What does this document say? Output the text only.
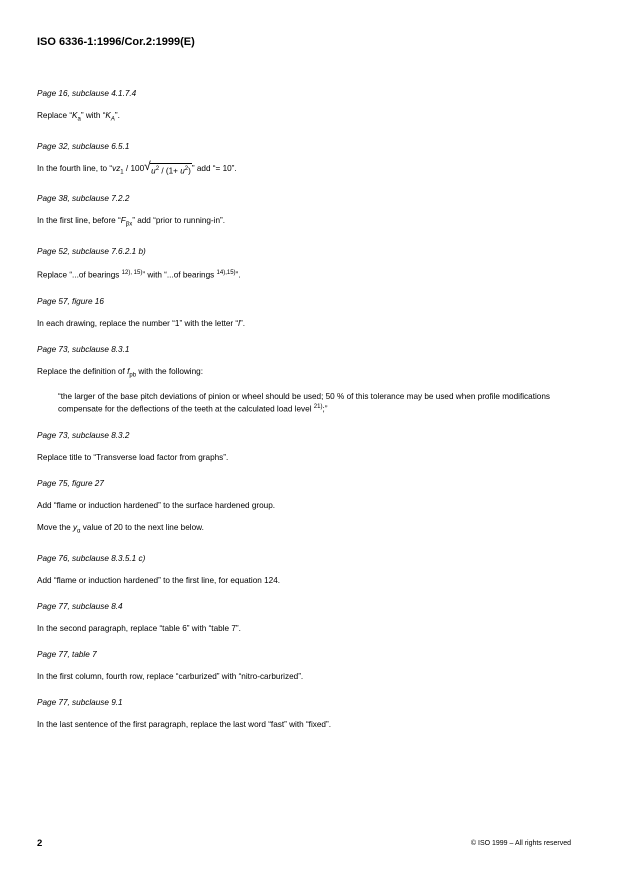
ISO 6336-1:1996/Cor.2:1999(E)

Page 16, subclause 4.1.7.4

Replace “$K_a$” with “$K_A$”.

Page 32, subclause 6.5.1

In the fourth line, to “$vz_1 / 100$ √ $u^2 / (1+ u^2)$” add “= 10”.

Page 38, subclause 7.2.2

In the first line, before “$F_{\beta x}$” add “prior to running-in”.

Page 52, subclause 7.6.2.1 b)

Replace “...of bearings $^{12), 15)}$” with “...of bearings $^{14),15)}$”.

Page 57, figure 16

In each drawing, replace the number “1” with the letter “l”.

Page 73, subclause 8.3.1

Replace the definition of $f_{pb}$ with the following:

“the larger of the base pitch deviations of pinion or wheel should be used; 50 % of this tolerance may be used when profile modifications compensate for the deflections of the teeth at the calculated load level $^{21)}$;”

Page 73, subclause 8.3.2

Replace title to “Transverse load factor from graphs”.

Page 75, figure 27

Add “flame or induction hardened” to the surface hardened group.

Move the $y_\alpha$ value of 20 to the next line below.

Page 76, subclause 8.3.5.1 c)

Add “flame or induction hardened” to the first line, for equation 124.

Page 77, subclause 8.4

In the second paragraph, replace “table 6” with “table 7”.

Page 77, table 7

In the first column, fourth row, replace “carburized” with “nitro-carburized”.

Page 77, subclause 9.1

In the last sentence of the first paragraph, replace the last word “fast” with “fixed”.

2	© ISO 1999 – All rights reserved
